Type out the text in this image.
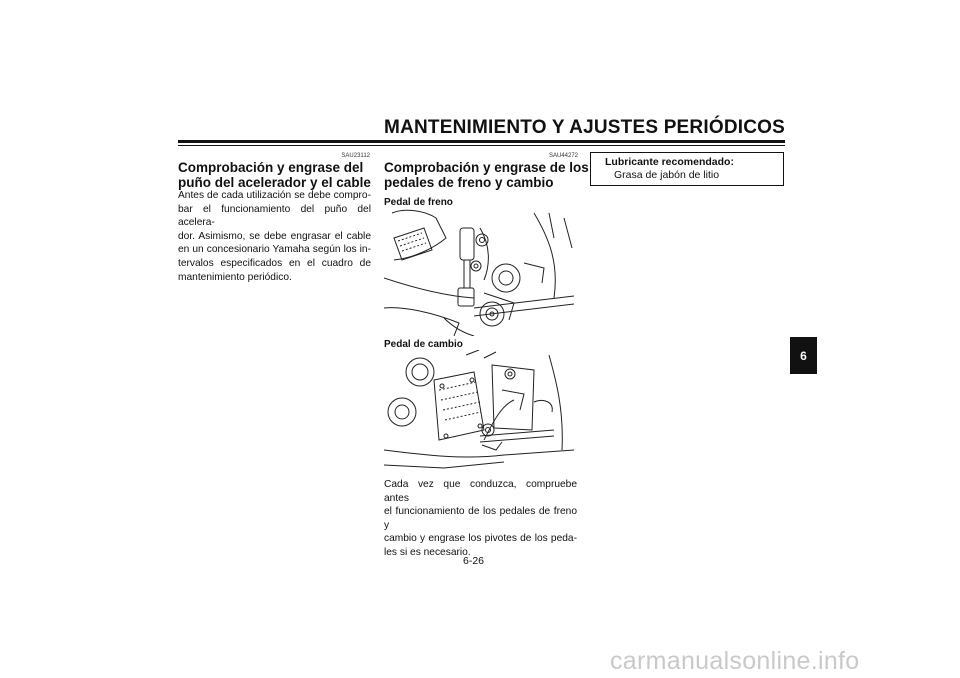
MANTENIMIENTO Y AJUSTES PERIÓDICOS
SAU23112
Comprobación y engrase del
puño del acelerador y el cable
Antes de cada utilización se debe compro-
bar el funcionamiento del puño del acelera-
dor. Asimismo, se debe engrasar el cable
en un concesionario Yamaha según los in-
tervalos especificados en el cuadro de
mantenimiento periódico.
SAU44272
Comprobación y engrase de los
pedales de freno y cambio
Pedal de freno
Pedal de cambio
Cada vez que conduzca, compruebe antes
el funcionamiento de los pedales de freno y
cambio y engrase los pivotes de los peda-
les si es necesario.
Lubricante recomendado:
Grasa de jabón de litio
6
6-26
carmanualsonline.info
